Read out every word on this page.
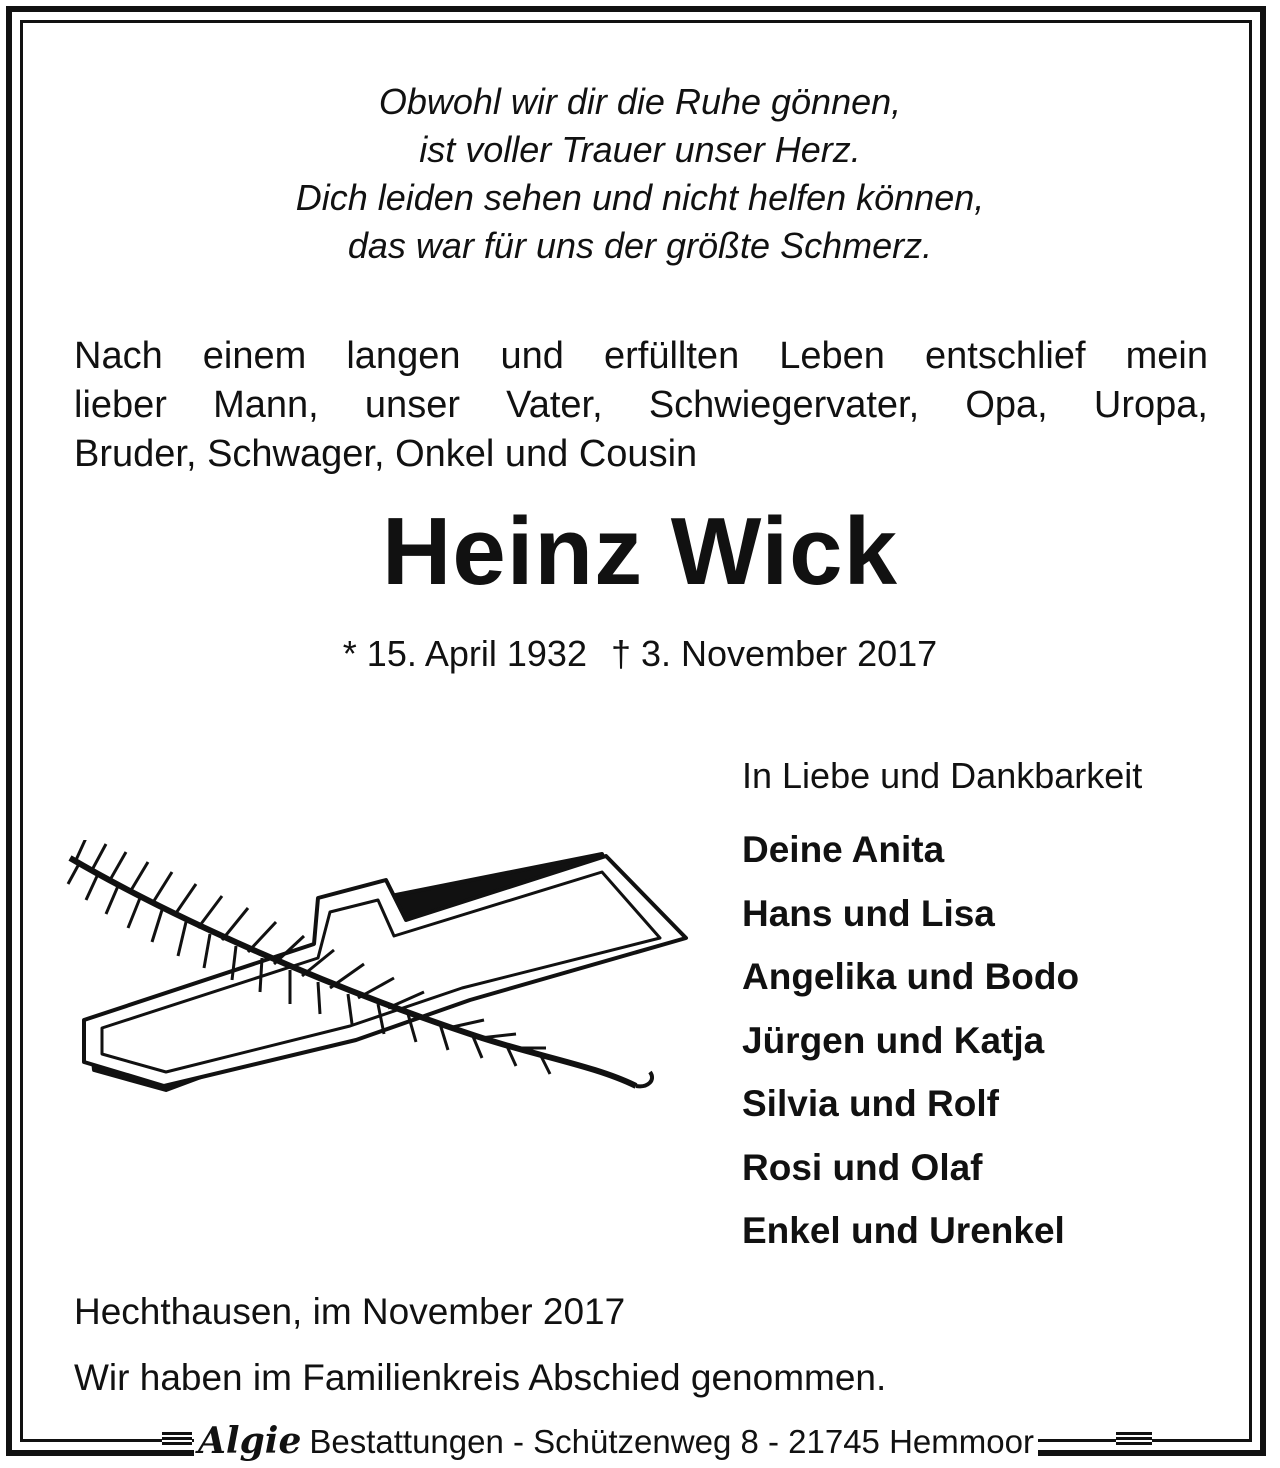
Obwohl wir dir die Ruhe gönnen,
ist voller Trauer unser Herz.
Dich leiden sehen und nicht helfen können,
das war für uns der größte Schmerz.
Nach einem langen und erfüllten Leben entschlief mein
lieber Mann, unser Vater, Schwiegervater, Opa, Uropa,
Bruder, Schwager, Onkel und Cousin
Heinz Wick
* 15. April 1932 † 3. November 2017
In Liebe und Dankbarkeit
Deine Anita
Hans und Lisa
Angelika und Bodo
Jürgen und Katja
Silvia und Rolf
Rosi und Olaf
Enkel und Urenkel
Hechthausen, im November 2017
Wir haben im Familienkreis Abschied genommen.
Algie Bestattungen - Schützenweg 8 - 21745 Hemmoor
